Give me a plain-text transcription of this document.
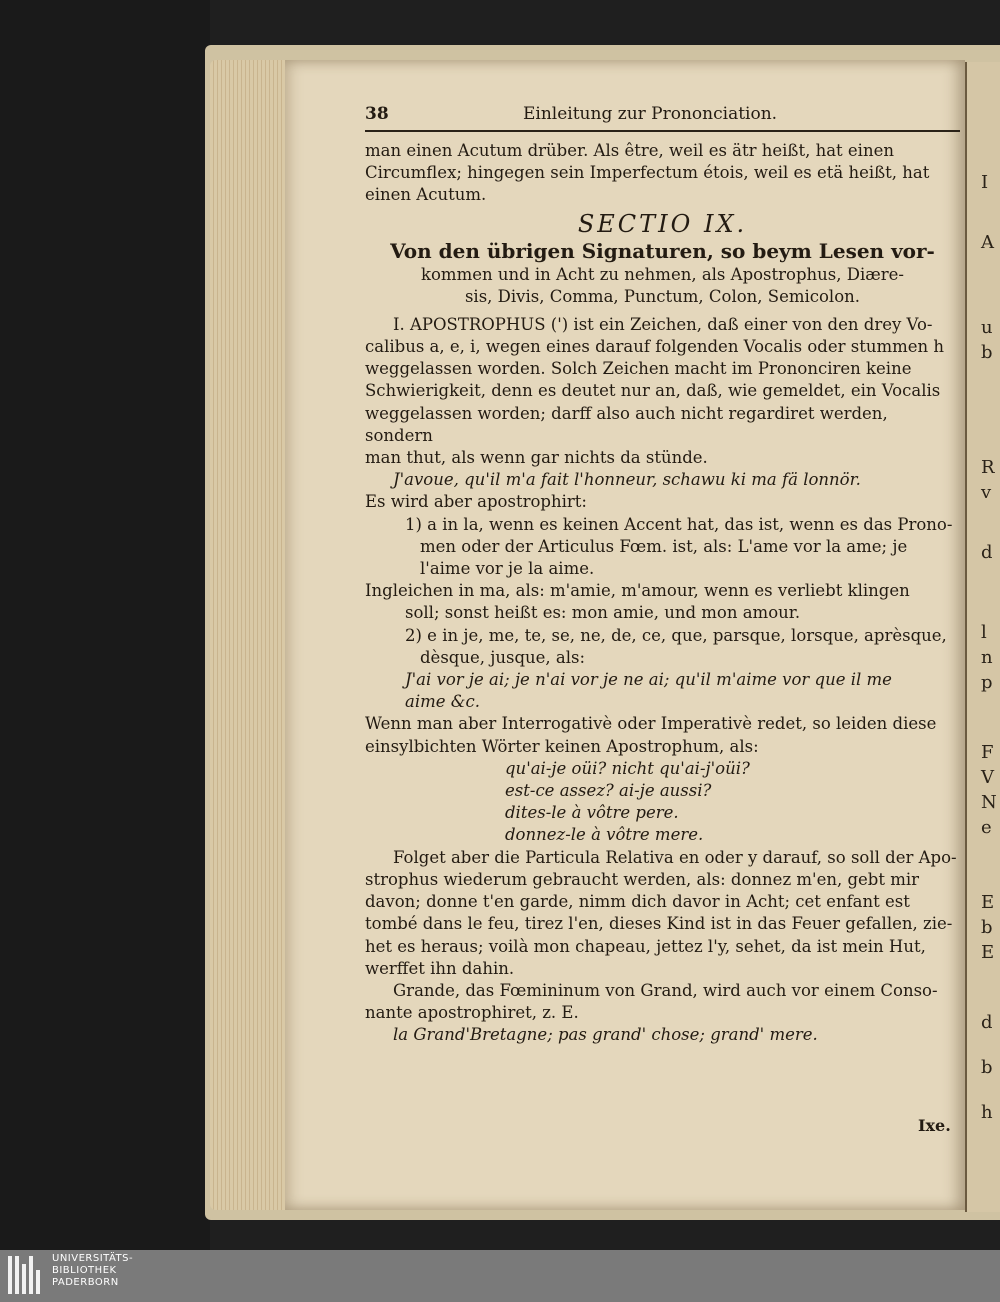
I
A
u
b
R
v
d
l
n
p
F
V
N
e
E
b
E
d
b
h
38	Einleitung zur Prononciation.

man einen Acutum drüber. Als être, weil es ätr heißt, hat einen

Circumflex; hingegen sein Imperfectum étois, weil es etä heißt, hat

einen Acutum.

SECTIO IX.
Von den übrigen Signaturen, so beym Lesen vor-
kommen und in Acht zu nehmen, als Apostrophus, Diære-
sis, Divis, Comma, Punctum, Colon, Semicolon.

I. APOSTROPHUS (') ist ein Zeichen, daß einer von den drey Vo-

calibus a, e, i, wegen eines darauf folgenden Vocalis oder stummen h

weggelassen worden. Solch Zeichen macht im Prononciren keine

Schwierigkeit, denn es deutet nur an, daß, wie gemeldet, ein Vocalis

weggelassen worden; darff also auch nicht regardiret werden, sondern

man thut, als wenn gar nichts da stünde.

J'avoue, qu'il m'a fait l'honneur, schawu ki ma fä lonnör.

Es wird aber apostrophirt:

1) a in la, wenn es keinen Accent hat, das ist, wenn es das Prono-

men oder der Articulus Fœm. ist, als: L'ame vor la ame; je

l'aime vor je la aime.

Ingleichen in ma, als: m'amie, m'amour, wenn es verliebt klingen

soll; sonst heißt es: mon amie, und mon amour.

2) e in je, me, te, se, ne, de, ce, que, parsque, lorsque, aprèsque,

dèsque, jusque, als:

J'ai vor je ai; je n'ai vor je ne ai; qu'il m'aime vor que il me

aime &c.

Wenn man aber Interrogativè oder Imperativè redet, so leiden diese

einsylbichten Wörter keinen Apostrophum, als:

qu'ai-je oüi? nicht qu'ai-j'oüi?

est-ce assez? ai-je aussi?

dites-le à vôtre pere.

donnez-le à vôtre mere.

Folget aber die Particula Relativa en oder y darauf, so soll der Apo-

strophus wiederum gebraucht werden, als: donnez m'en, gebt mir

davon; donne t'en garde, nimm dich davor in Acht; cet enfant est

tombé dans le feu, tirez l'en, dieses Kind ist in das Feuer gefallen, zie-

het es heraus; voilà mon chapeau, jettez l'y, sehet, da ist mein Hut,

werffet ihn dahin.

Grande, das Fœmininum von Grand, wird auch vor einem Conso-

nante apostrophiret, z. E.

la Grand'Bretagne; pas grand' chose; grand' mere.

Ixe.
UNIVERSITÄTS-
BIBLIOTHEK
PADERBORN
